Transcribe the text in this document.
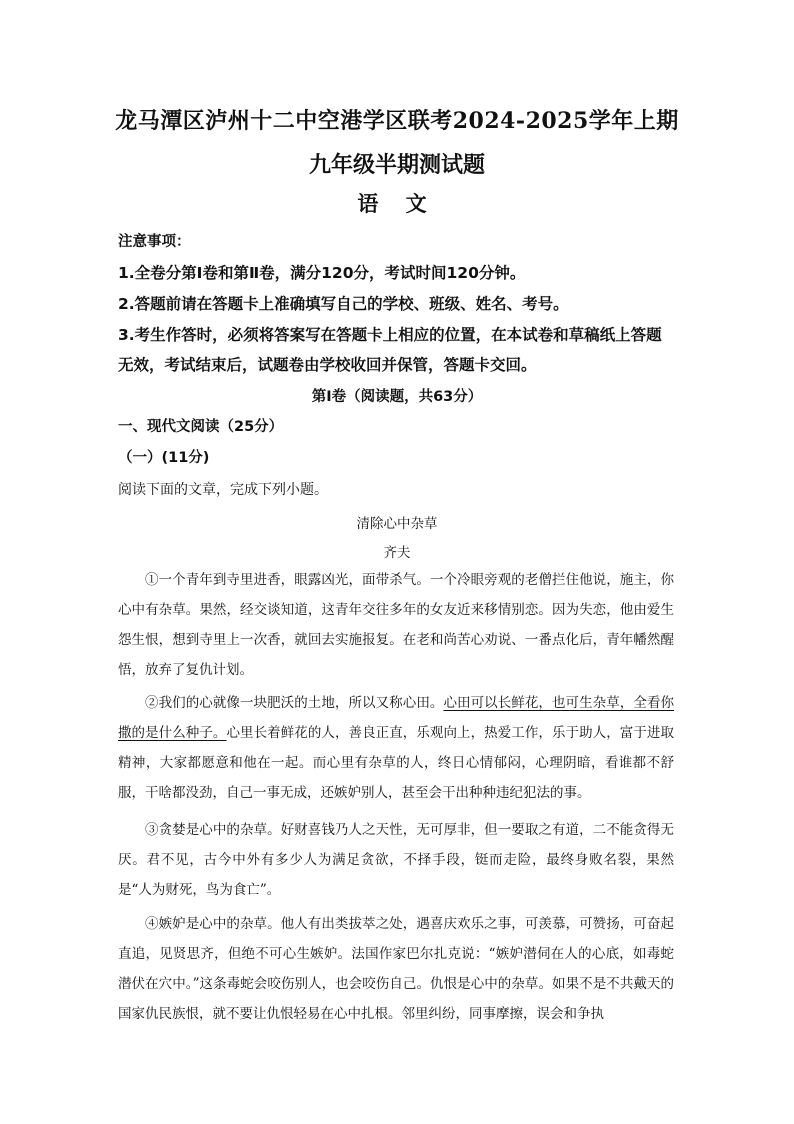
龙马潭区泸州十二中空港学区联考2024-2025学年上期
九年级半期测试题
语 文
注意事项：
1.全卷分第Ⅰ卷和第Ⅱ卷，满分120分，考试时间120分钟。
2.答题前请在答题卡上准确填写自己的学校、班级、姓名、考号。
3.考生作答时，必须将答案写在答题卡上相应的位置，在本试卷和草稿纸上答题
无效，考试结束后，试题卷由学校收回并保管，答题卡交回。
第Ⅰ卷（阅读题，共63分）
一、现代文阅读（25分）
（一）(11分)
阅读下面的文章，完成下列小题。
清除心中杂草
齐夫

①一个青年到寺里进香，眼露凶光，面带杀气。一个冷眼旁观的老僧拦住他说，施主，你心中有杂草。果然，经交谈知道，这青年交往多年的女友近来移情别恋。因为失恋，他由爱生怨生恨，想到寺里上一次香，就回去实施报复。在老和尚苦心劝说、一番点化后，青年幡然醒悟，放弃了复仇计划。

②我们的心就像一块肥沃的土地，所以又称心田。心田可以长鲜花，也可生杂草，全看你撒的是什么种子。心里长着鲜花的人，善良正直，乐观向上，热爱工作，乐于助人，富于进取精神，大家都愿意和他在一起。而心里有杂草的人，终日心情郁闷，心理阴暗，看谁都不舒服，干啥都没劲，自己一事无成，还嫉妒别人，甚至会干出种种违纪犯法的事。

③贪婪是心中的杂草。好财喜钱乃人之天性，无可厚非，但一要取之有道，二不能贪得无厌。君不见，古今中外有多少人为满足贪欲，不择手段，铤而走险，最终身败名裂，果然是“人为财死，鸟为食亡”。

④嫉妒是心中的杂草。他人有出类拔萃之处，遇喜庆欢乐之事，可羡慕，可赞扬，可奋起直追，见贤思齐，但绝不可心生嫉妒。法国作家巴尔扎克说：“嫉妒潜伺在人的心底，如毒蛇潜伏在穴中。”这条毒蛇会咬伤别人，也会咬伤自己。仇恨是心中的杂草。如果不是不共戴天的国家仇民族恨，就不要让仇恨轻易在心中扎根。邻里纠纷，同事摩擦，误会和争执
